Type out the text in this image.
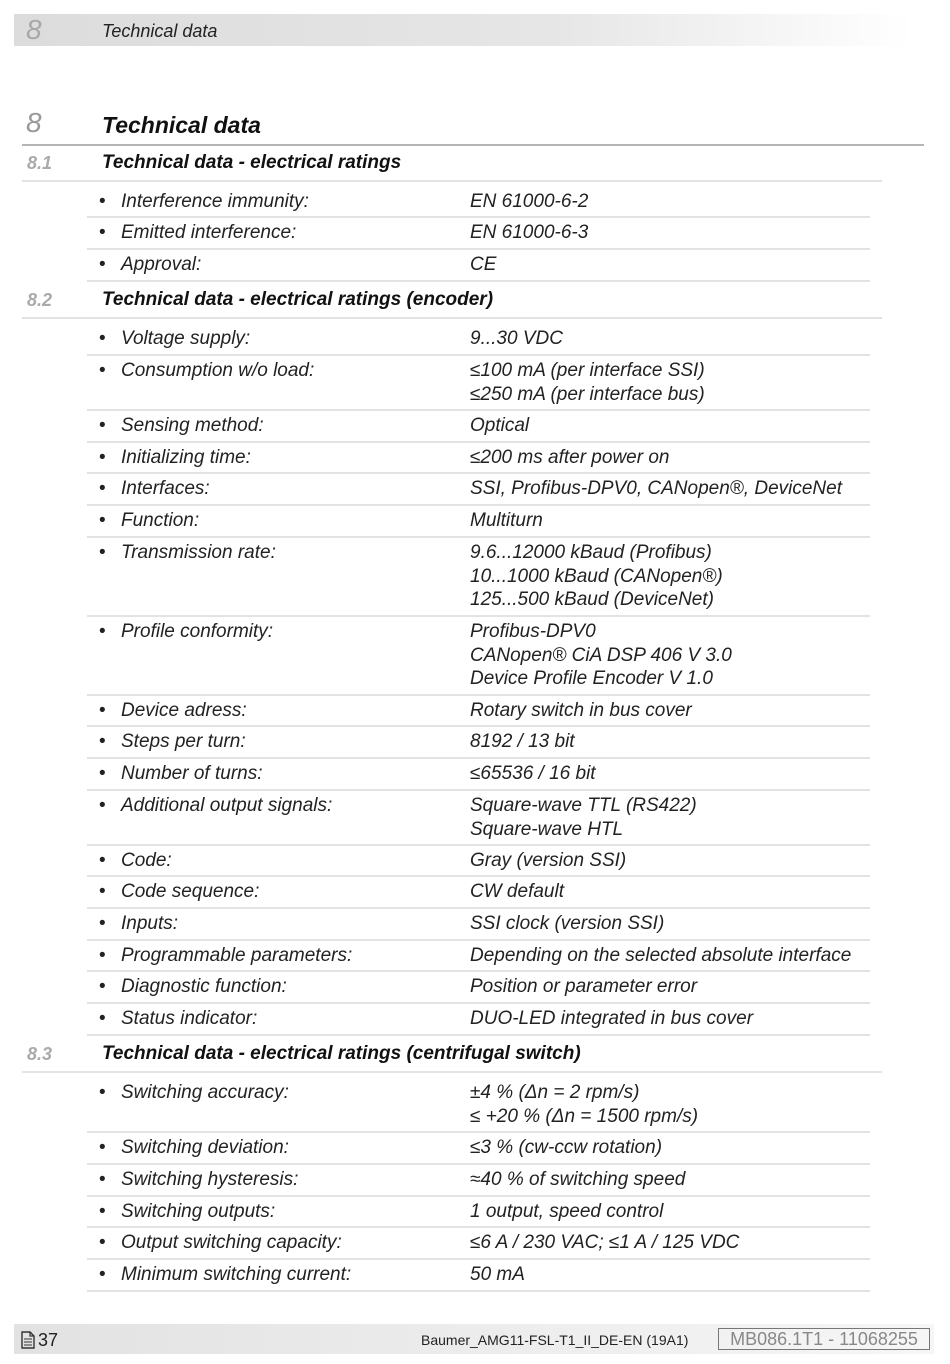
8	Technical data
8	Technical data
8.1	Technical data - electrical ratings
• Interference immunity:	EN 61000-6-2
• Emitted interference:	EN 61000-6-3
• Approval:	CE
8.2	Technical data - electrical ratings (encoder)
• Voltage supply:	9...30 VDC
• Consumption w/o load:	≤100 mA (per interface SSI)
≤250 mA (per interface bus)
• Sensing method:	Optical
• Initializing time:	≤200 ms after power on
• Interfaces:	SSI, Profibus-DPV0, CANopen®, DeviceNet
• Function:	Multiturn
• Transmission rate:	9.6...12000 kBaud (Profibus)
10...1000 kBaud (CANopen®)
125...500 kBaud (DeviceNet)
• Profile conformity:	Profibus-DPV0
CANopen® CiA DSP 406 V 3.0
Device Profile Encoder V 1.0
• Device adress:	Rotary switch in bus cover
• Steps per turn:	8192 / 13 bit
• Number of turns:	≤65536 / 16 bit
• Additional output signals:	Square-wave TTL (RS422)
Square-wave HTL
• Code:	Gray (version SSI)
• Code sequence:	CW default
• Inputs:	SSI clock (version SSI)
• Programmable parameters:	Depending on the selected absolute interface
• Diagnostic function:	Position or parameter error
• Status indicator:	DUO-LED integrated in bus cover
8.3	Technical data - electrical ratings (centrifugal switch)
• Switching accuracy:	±4 % (Δn = 2 rpm/s)
≤ +20 % (Δn = 1500 rpm/s)
• Switching deviation:	≤3 % (cw-ccw rotation)
• Switching hysteresis:	≈40 % of switching speed
• Switching outputs:	1 output, speed control
• Output switching capacity:	≤6 A / 230 VAC; ≤1 A / 125 VDC
• Minimum switching current:	50 mA
37	Baumer_AMG11-FSL-T1_II_DE-EN (19A1)	MB086.1T1 - 11068255
